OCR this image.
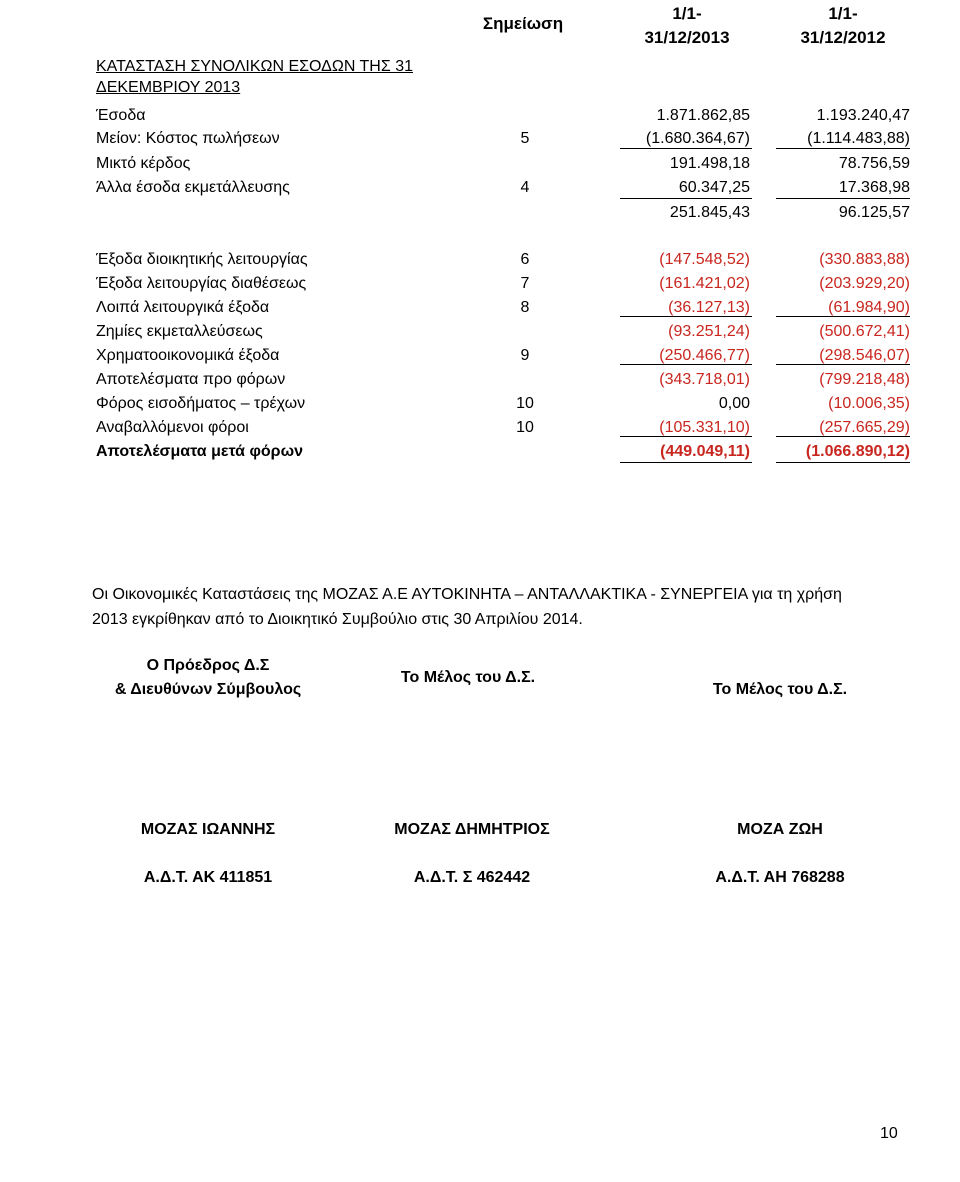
ΚΑΤΑΣΤΑΣΗ ΣΥΝΟΛΙΚΩΝ ΕΣΟΔΩΝ ΤΗΣ 31
ΔΕΚΕΜΒΡΙΟΥ 2013
Σημείωση
1/1-
31/12/2013
1/1-
31/12/2012
Έσοδα	1.871.862,85	1.193.240,47
Μείον: Κόστος πωλήσεων	5	(1.680.364,67)	(1.114.483,88)
Μικτό κέρδος	191.498,18	78.756,59
Άλλα έσοδα εκμετάλλευσης	4	60.347,25	17.368,98
251.845,43	96.125,57
Έξοδα διοικητικής λειτουργίας	6	(147.548,52)	(330.883,88)
Έξοδα λειτουργίας διαθέσεως	7	(161.421,02)	(203.929,20)
Λοιπά λειτουργικά έξοδα	8	(36.127,13)	(61.984,90)
Ζημίες εκμεταλλεύσεως	(93.251,24)	(500.672,41)
Χρηματοοικονομικά έξοδα	9	(250.466,77)	(298.546,07)
Αποτελέσματα προ φόρων	(343.718,01)	(799.218,48)
Φόρος εισοδήματος – τρέχων	10	0,00	(10.006,35)
Αναβαλλόμενοι φόροι	10	(105.331,10)	(257.665,29)
Αποτελέσματα μετά φόρων	(449.049,11)	(1.066.890,12)
Οι Οικονομικές Καταστάσεις της ΜΟΖΑΣ Α.Ε ΑΥΤΟΚΙΝΗΤΑ – ΑΝΤΑΛΛΑΚΤΙΚΑ - ΣΥΝΕΡΓΕΙΑ για τη χρήση
2013 εγκρίθηκαν από το Διοικητικό Συμβούλιο στις 30 Απριλίου 2014.
Ο Πρόεδρος Δ.Σ
& Διευθύνων Σύμβουλος
Το Μέλος του Δ.Σ.
Το Μέλος του Δ.Σ.
ΜΟΖΑΣ ΙΩΑΝΝΗΣ	ΜΟΖΑΣ ΔΗΜΗΤΡΙΟΣ	ΜΟΖΑ ΖΩΗ
Α.Δ.Τ. ΑΚ 411851	Α.Δ.Τ. Σ 462442	Α.Δ.Τ. ΑΗ 768288
10
